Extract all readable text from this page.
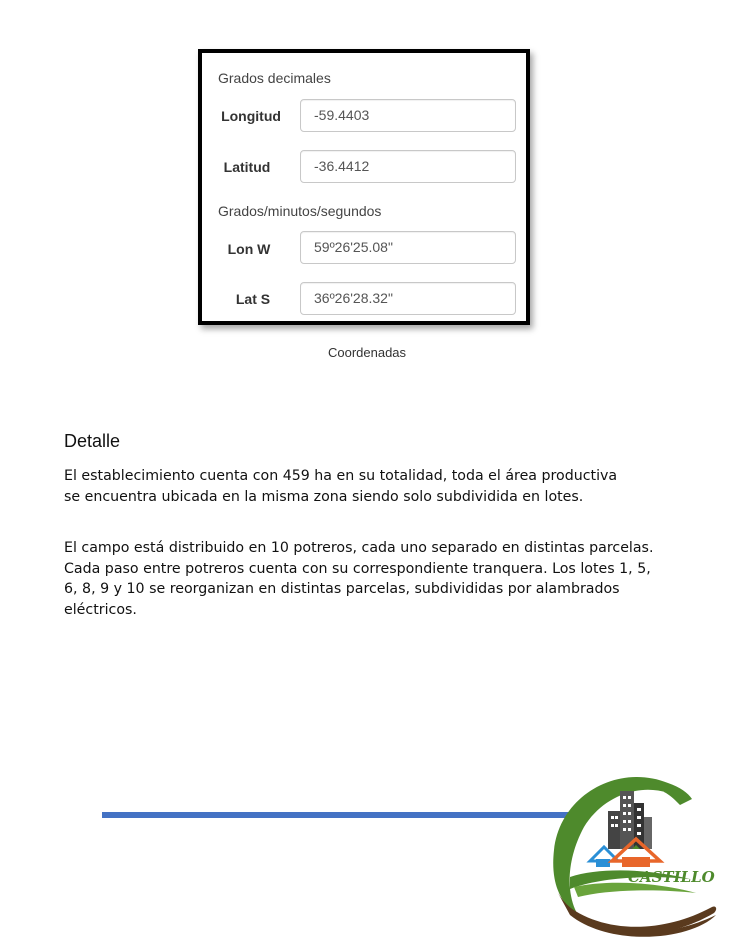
Grados decimales
Longitud	-59.4403
Latitud	-36.4412
Grados/minutos/segundos
Lon W	59º26'25.08"
Lat S	36º26'28.32"
Coordenadas
Detalle

El establecimiento cuenta con 459 ha en su totalidad, toda el área productiva
se encuentra ubicada en la misma zona siendo solo subdividida en lotes.

El campo está distribuido en 10 potreros, cada uno separado en distintas parcelas.
Cada paso entre potreros cuenta con su correspondiente tranquera. Los lotes 1, 5,
6, 8, 9 y 10 se reorganizan en distintas parcelas, subdivididas por alambrados
eléctricos.

CASTILLO
